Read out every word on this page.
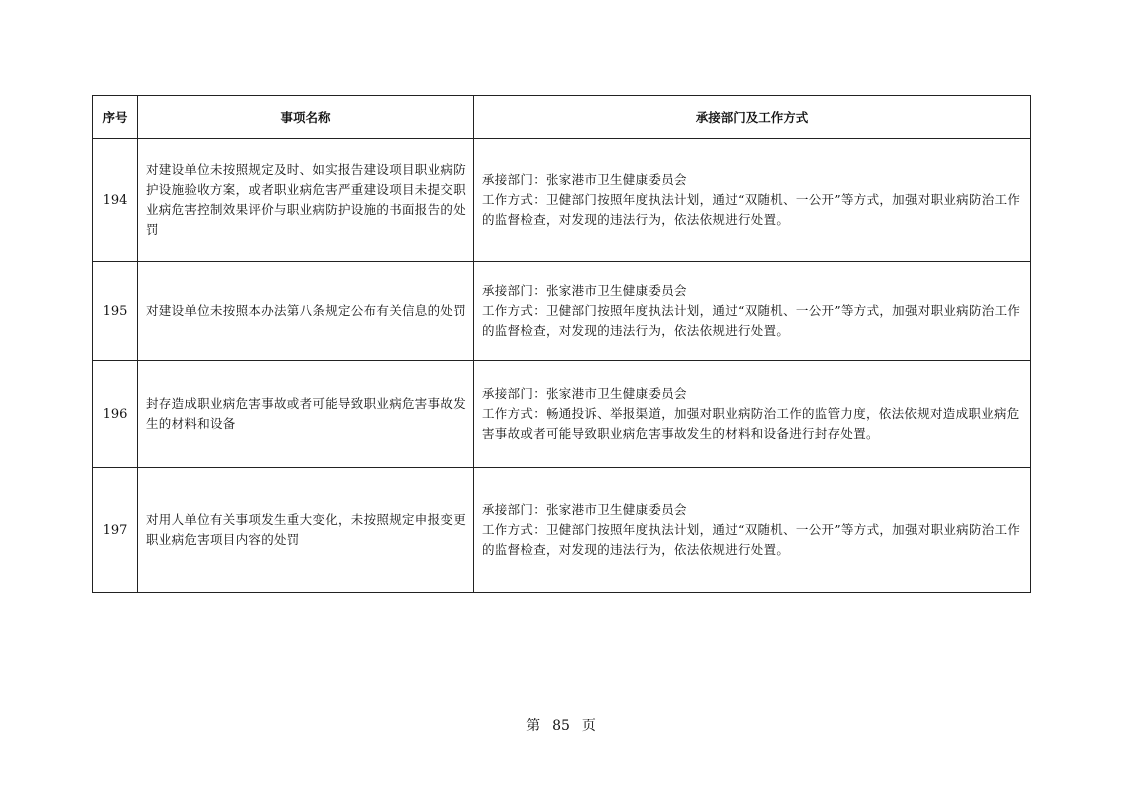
序号	事项名称	承接部门及工作方式
194	对建设单位未按照规定及时、如实报告建设项目职业病防护设施验收方案，或者职业病危害严重建设项目未提交职业病危害控制效果评价与职业病防护设施的书面报告的处罚	承接部门：张家港市卫生健康委员会
工作方式：卫健部门按照年度执法计划，通过“双随机、一公开”等方式，加强对职业病防治工作的监督检查，对发现的违法行为，依法依规进行处置。

195	对建设单位未按照本办法第八条规定公布有关信息的处罚	承接部门：张家港市卫生健康委员会
工作方式：卫健部门按照年度执法计划，通过“双随机、一公开”等方式，加强对职业病防治工作的监督检查，对发现的违法行为，依法依规进行处置。

196	封存造成职业病危害事故或者可能导致职业病危害事故发生的材料和设备	承接部门：张家港市卫生健康委员会
工作方式：畅通投诉、举报渠道，加强对职业病防治工作的监管力度，依法依规对造成职业病危害事故或者可能导致职业病危害事故发生的材料和设备进行封存处置。

197	对用人单位有关事项发生重大变化，未按照规定申报变更职业病危害项目内容的处罚	承接部门：张家港市卫生健康委员会
工作方式：卫健部门按照年度执法计划，通过“双随机、一公开”等方式，加强对职业病防治工作的监督检查，对发现的违法行为，依法依规进行处置。
第 85 页
